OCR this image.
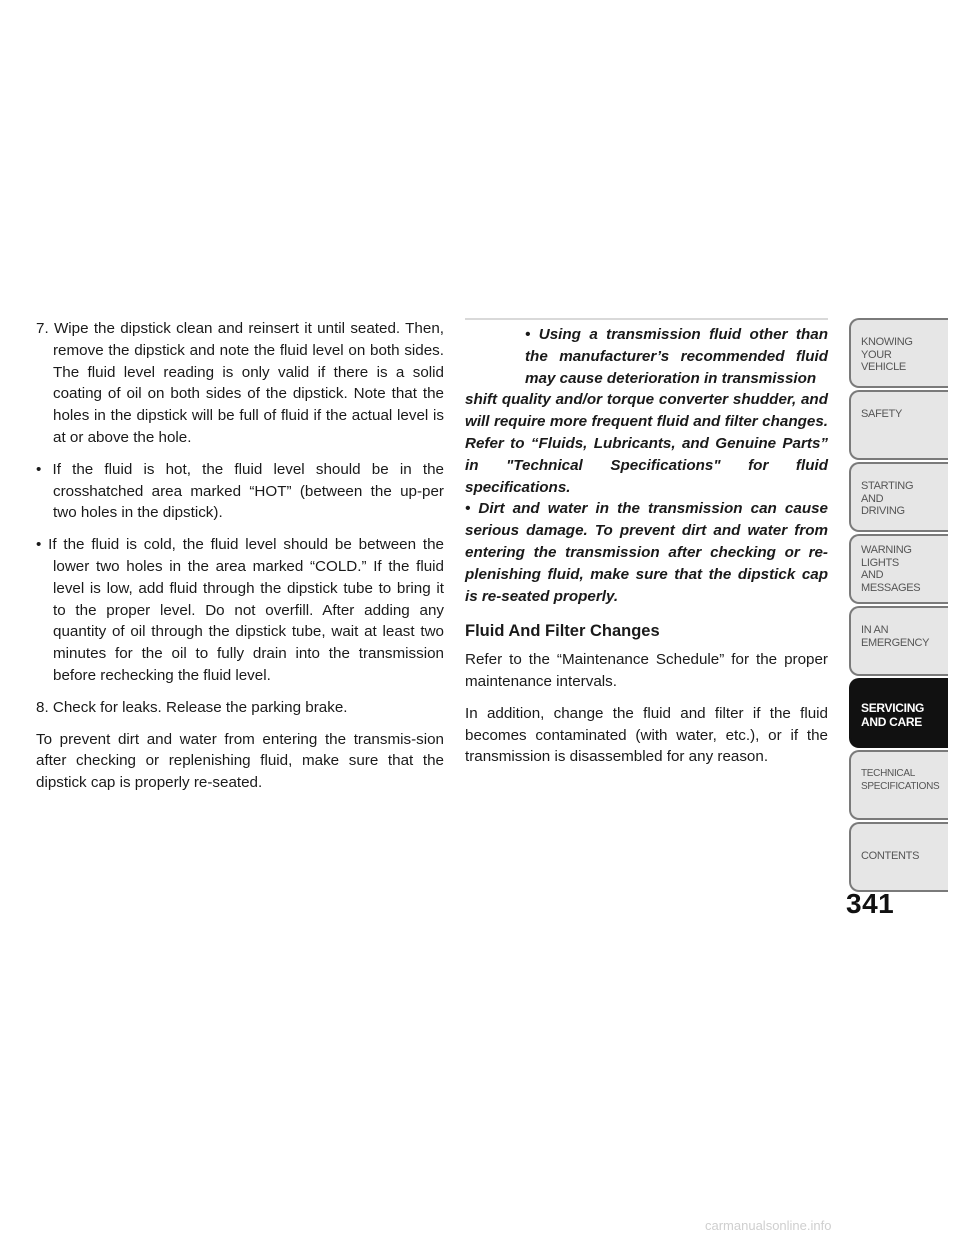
7. Wipe the dipstick clean and reinsert it until seated. Then, remove the dipstick and note the fluid level on both sides. The fluid level reading is only valid if there is a solid coating of oil on both sides of the dipstick. Note that the holes in the dipstick will be full of fluid if the actual level is at or above the hole.

• If the fluid is hot, the fluid level should be in the crosshatched area marked “HOT” (between the up-per two holes in the dipstick).

• If the fluid is cold, the fluid level should be between the lower two holes in the area marked “COLD.” If the fluid level is low, add fluid through the dipstick tube to bring it to the proper level. Do not overfill. After adding any quantity of oil through the dipstick tube, wait at least two minutes for the oil to fully drain into the transmission before rechecking the fluid level.

8. Check for leaks. Release the parking brake.

To prevent dirt and water from entering the transmis-sion after checking or replenishing fluid, make sure that the dipstick cap is properly re-seated.

• Using a transmission fluid other than the manufacturer’s recommended fluid may cause deterioration in transmission
shift quality and/or torque converter shudder, and will require more frequent fluid and filter changes. Refer to “Fluids, Lubricants, and Genuine Parts” in "Technical Specifications" for fluid specifications.
• Dirt and water in the transmission can cause serious damage. To prevent dirt and water from entering the transmission after checking or re-plenishing fluid, make sure that the dipstick cap is re-seated properly.
Fluid And Filter Changes

Refer to the “Maintenance Schedule” for the proper maintenance intervals.

In addition, change the fluid and filter if the fluid becomes contaminated (with water, etc.), or if the transmission is disassembled for any reason.

KNOWING
YOUR
VEHICLE
SAFETY
STARTING
AND
DRIVING
WARNING
LIGHTS
AND
MESSAGES
IN AN
EMERGENCY
SERVICING
AND CARE
TECHNICAL
SPECIFICATIONS
CONTENTS
341
carmanualsonline.info
